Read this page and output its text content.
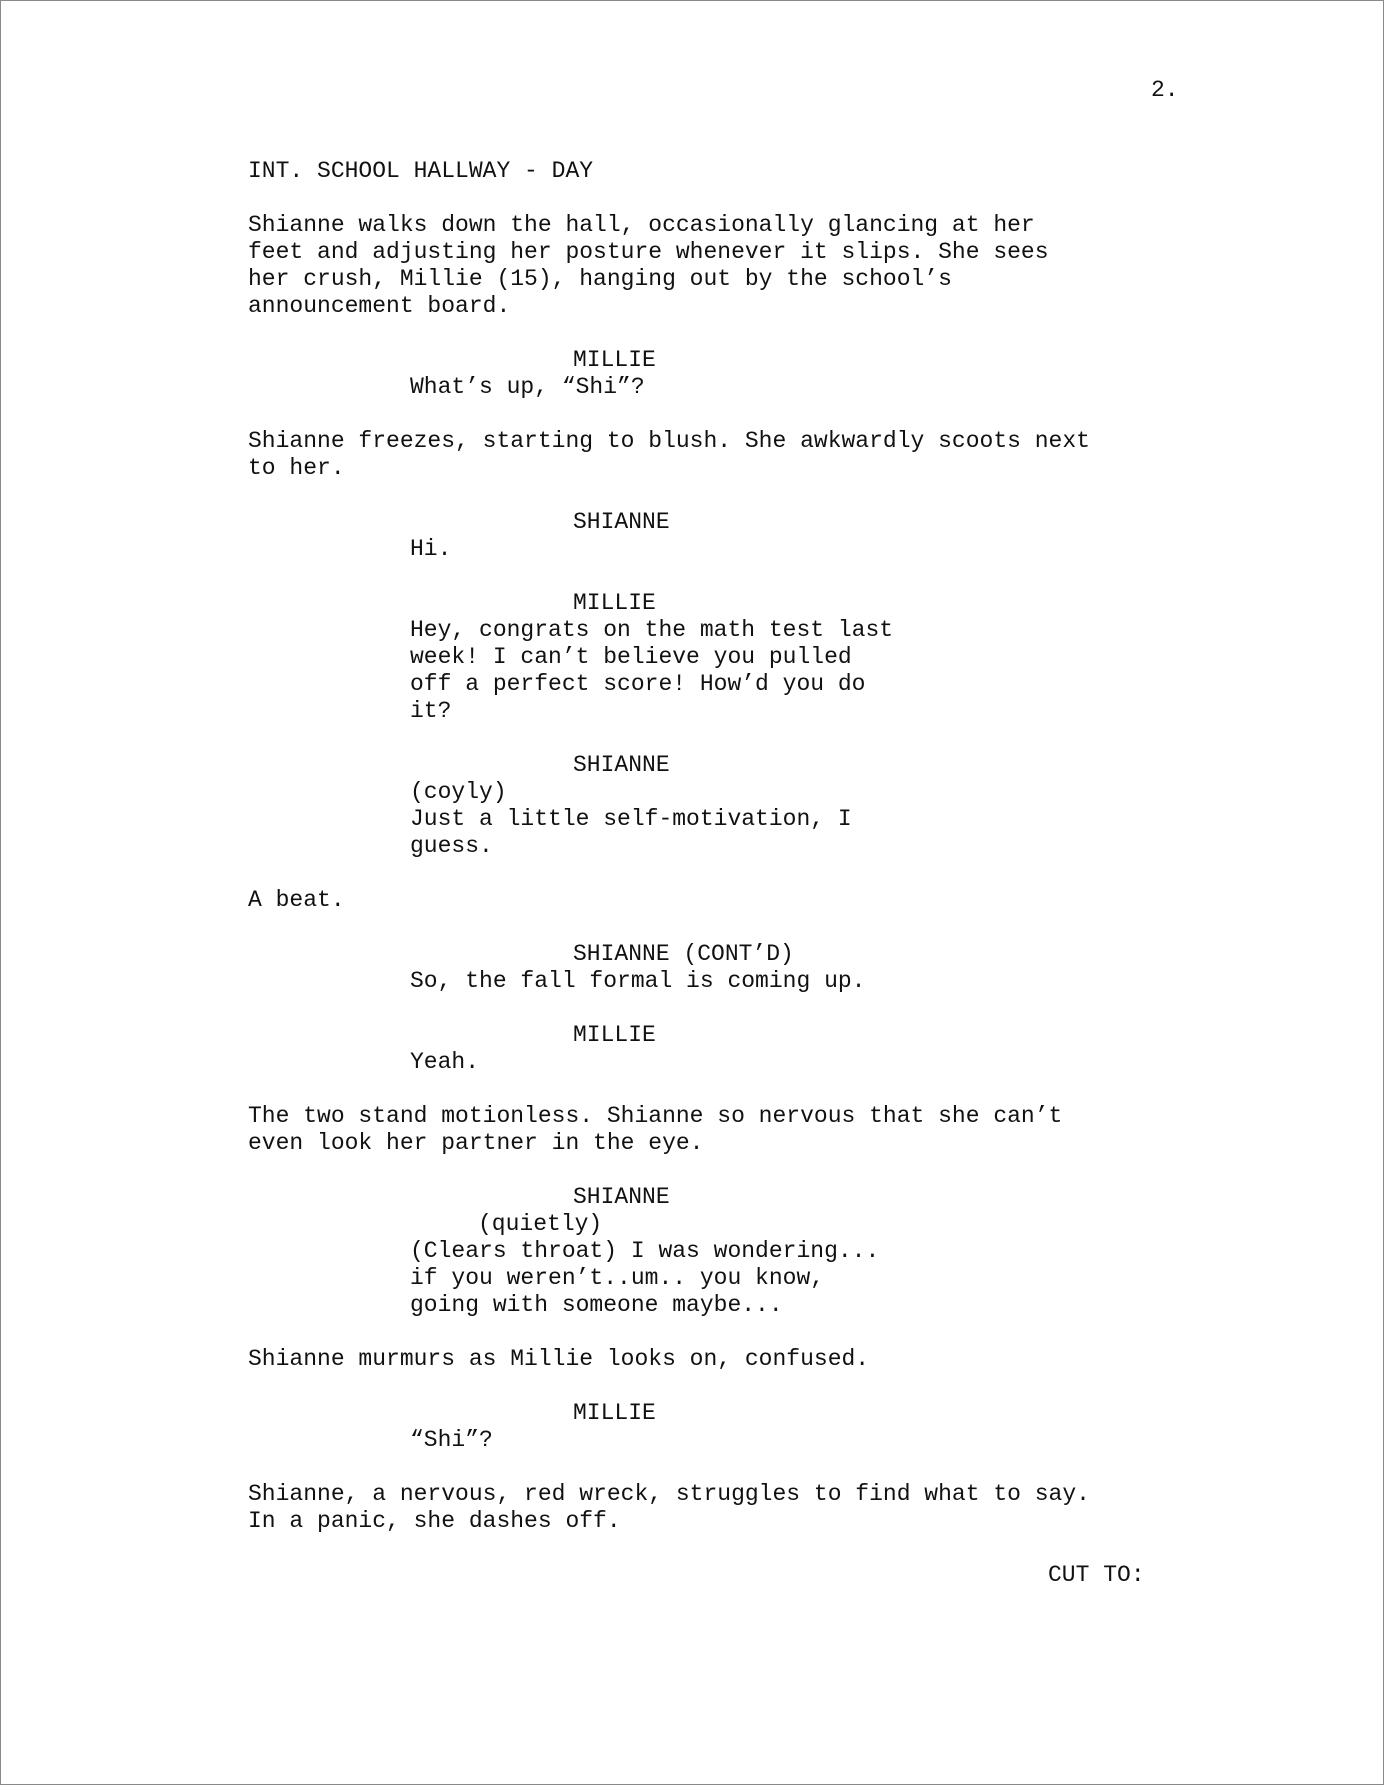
2.
INT. SCHOOL HALLWAY - DAY
Shianne walks down the hall, occasionally glancing at her
feet and adjusting her posture whenever it slips. She sees
her crush, Millie (15), hanging out by the school’s
announcement board.
MILLIE
What’s up, “Shi”?
Shianne freezes, starting to blush. She awkwardly scoots next
to her.
SHIANNE
Hi.
MILLIE
Hey, congrats on the math test last
week! I can’t believe you pulled
off a perfect score! How’d you do
it?
SHIANNE
(coyly)
Just a little self-motivation, I
guess.
A beat.
SHIANNE (CONT’D)
So, the fall formal is coming up.
MILLIE
Yeah.
The two stand motionless. Shianne so nervous that she can’t
even look her partner in the eye.
SHIANNE
(quietly)
(Clears throat) I was wondering...
if you weren’t..um.. you know,
going with someone maybe...
Shianne murmurs as Millie looks on, confused.
MILLIE
“Shi”?
Shianne, a nervous, red wreck, struggles to find what to say.
In a panic, she dashes off.
CUT TO:
